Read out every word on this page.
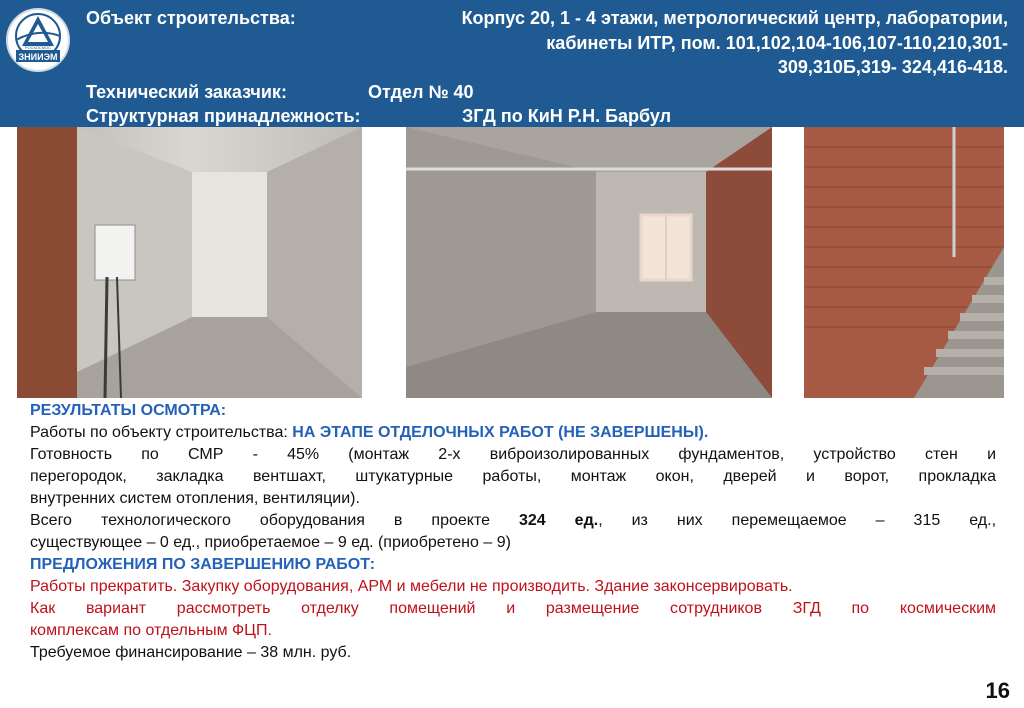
ЗНИИЭМ
РОСКОСМОС
Объект строительства:	Корпус 20, 1 - 4 этажи, метрологический центр, лаборатории,
кабинеты ИТР, пом. 101,102,104-106,107-110,210,301-
309,310Б,319- 324,416-418.
Технический заказчик:	Отдел № 40
Структурная принадлежность:	ЗГД по КиН Р.Н. Барбул

РЕЗУЛЬТАТЫ ОСМОТРА:

Работы по объекту строительства: НА ЭТАПЕ ОТДЕЛОЧНЫХ РАБОТ (НЕ ЗАВЕРШЕНЫ).

Готовность по СМР - 45% (монтаж 2-х виброизолированных фундаментов, устройство стен и

перегородок, закладка вентшахт, штукатурные работы, монтаж окон, дверей и ворот, прокладка

внутренних систем отопления, вентиляции).

Всего технологического оборудования в проекте 324 ед., из них перемещаемое – 315 ед.,

существующее – 0 ед., приобретаемое – 9 ед. (приобретено – 9)

ПРЕДЛОЖЕНИЯ ПО ЗАВЕРШЕНИЮ РАБОТ:

Работы прекратить. Закупку оборудования, АРМ и мебели не производить. Здание законсервировать.

Как вариант рассмотреть отделку помещений и размещение сотрудников ЗГД по космическим

комплексам по отдельным ФЦП.

Требуемое финансирование – 38 млн. руб.

16
